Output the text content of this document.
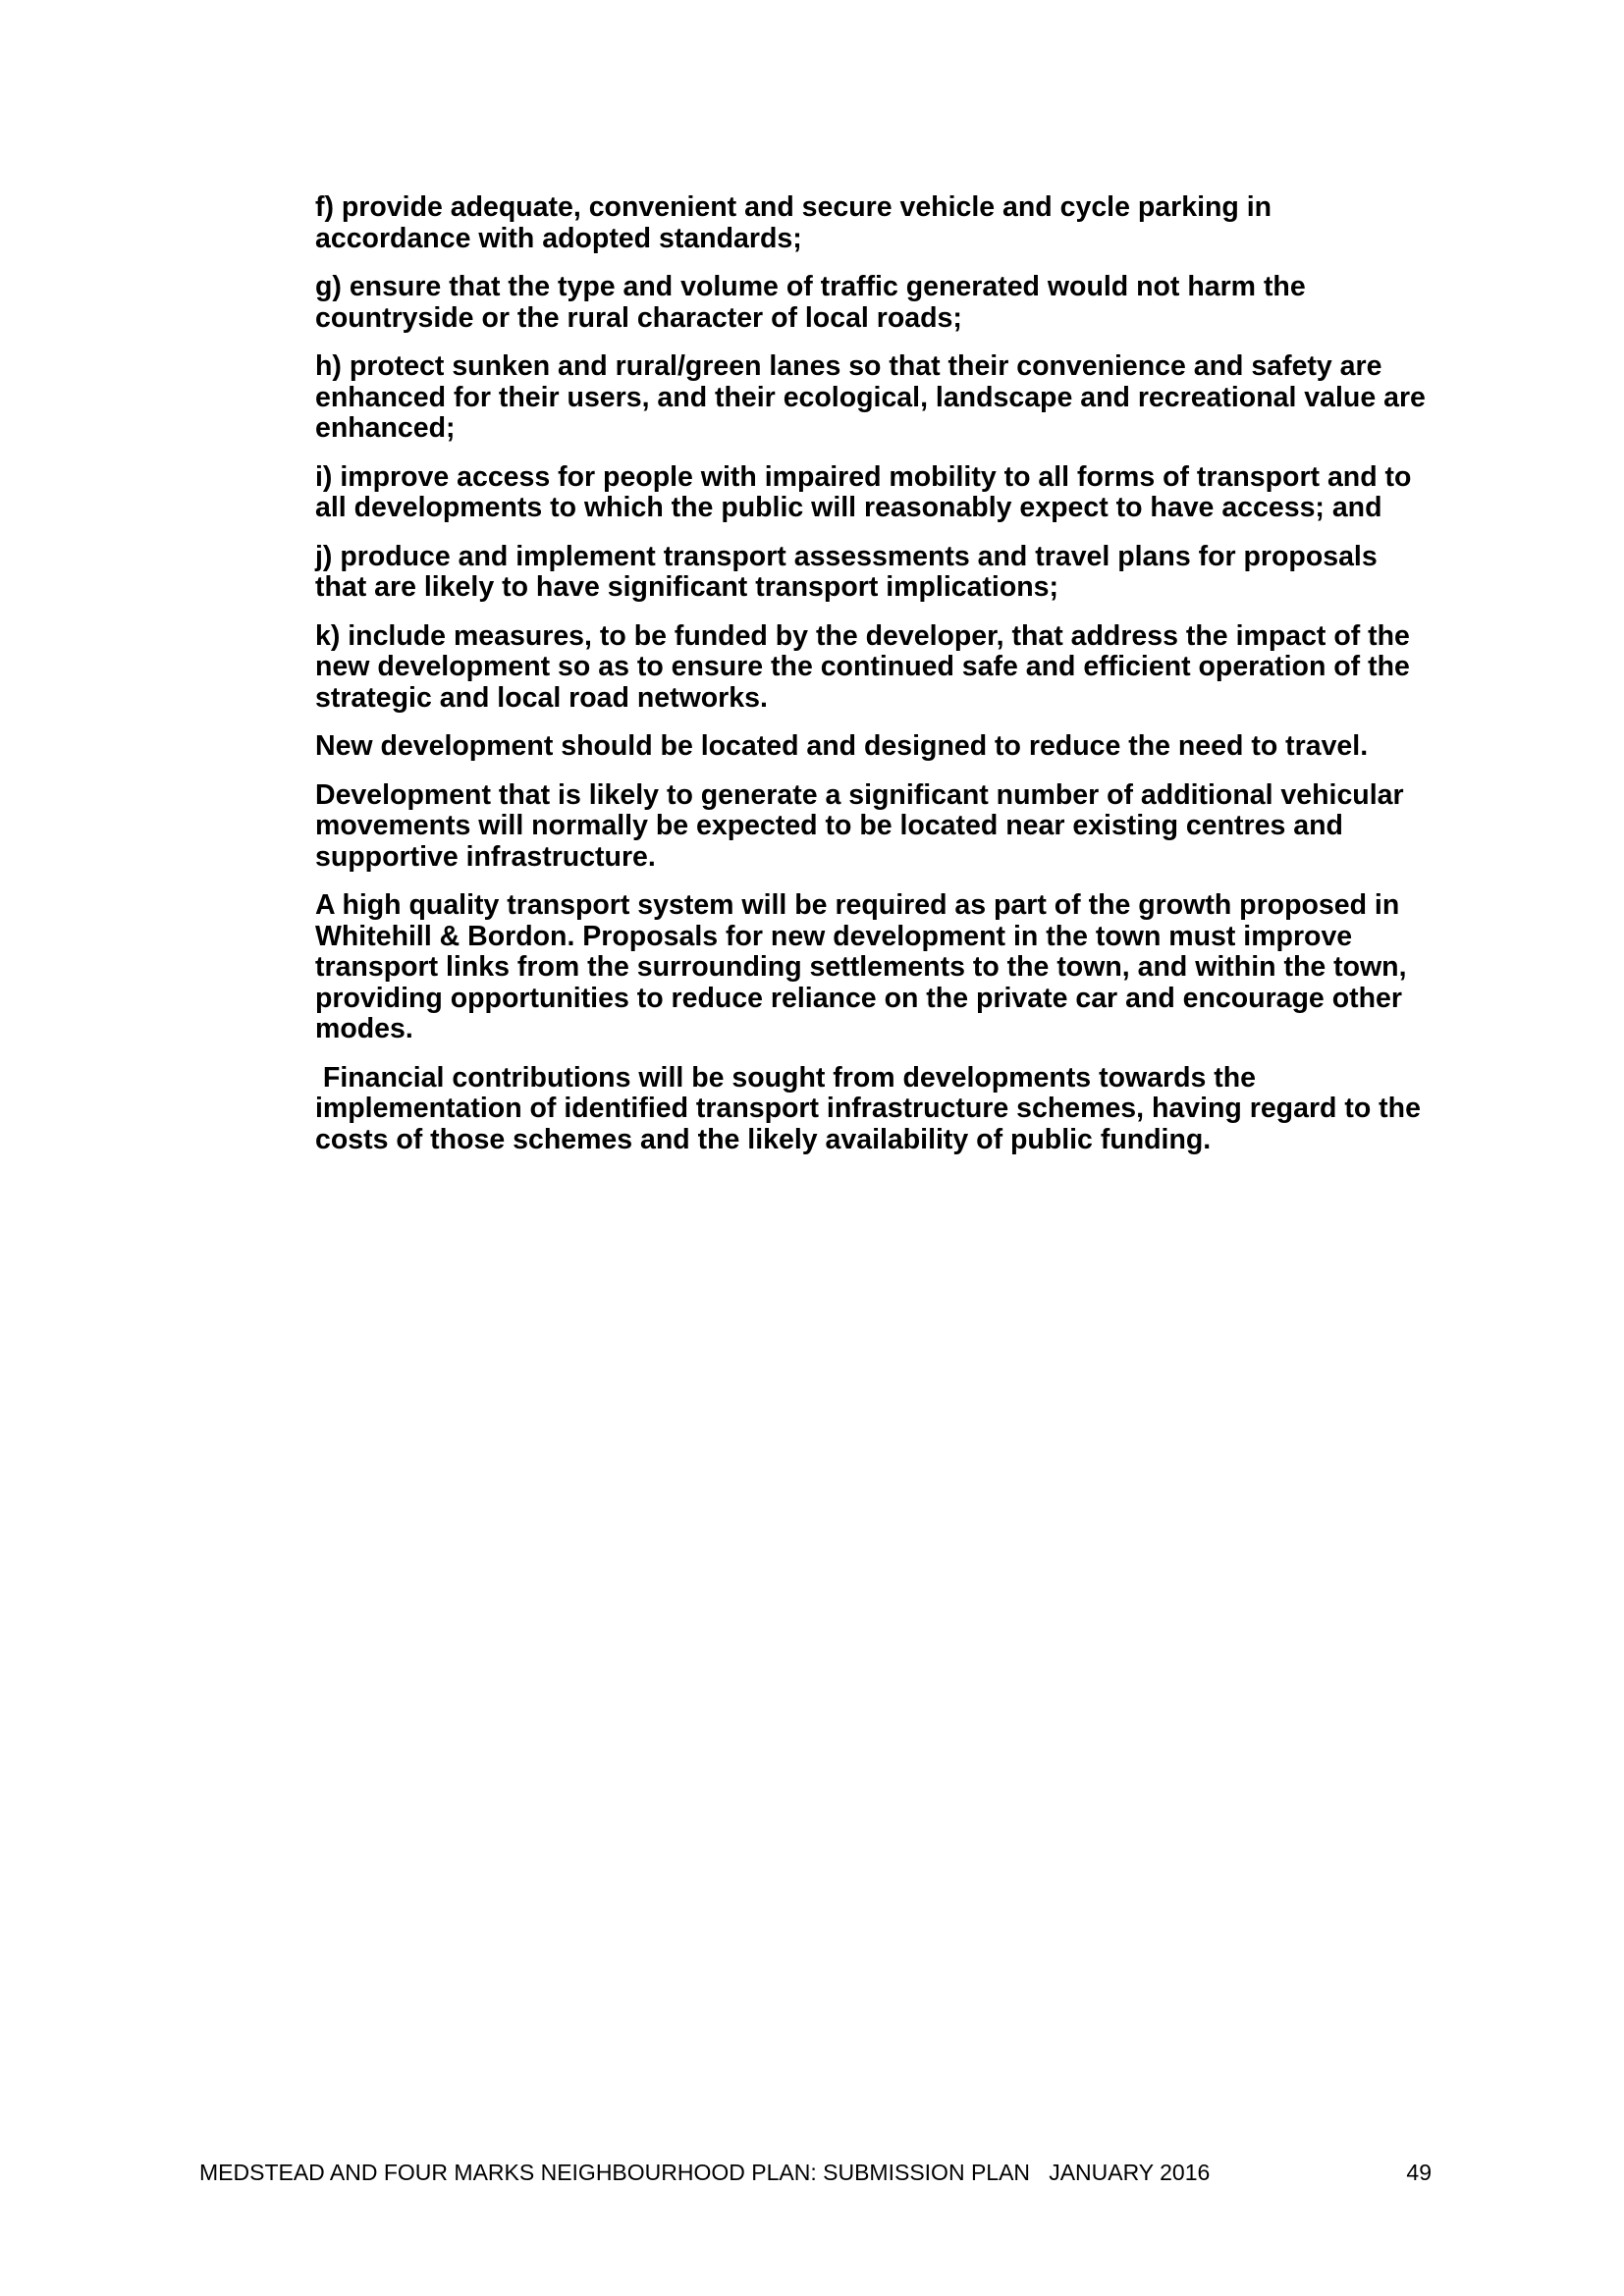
f) provide adequate, convenient and secure vehicle and cycle parking in accordance with adopted standards;

g) ensure that the type and volume of traffic generated would not harm the countryside or the rural character of local roads;

h) protect sunken and rural/green lanes so that their convenience and safety are enhanced for their users, and their ecological, landscape and recreational value are enhanced;

i) improve access for people with impaired mobility to all forms of transport and to all developments to which the public will reasonably expect to have access; and

j) produce and implement transport assessments and travel plans for proposals that are likely to have significant transport implications;

k) include measures, to be funded by the developer, that address the impact of the new development so as to ensure the continued safe and efficient operation of the strategic and local road networks.

New development should be located and designed to reduce the need to travel.

Development that is likely to generate a significant number of additional vehicular movements will normally be expected to be located near existing centres and supportive infrastructure.

A high quality transport system will be required as part of the growth proposed in Whitehill & Bordon. Proposals for new development in the town must improve transport links from the surrounding settlements to the town, and within the town, providing opportunities to reduce reliance on the private car and encourage other modes.

Financial contributions will be sought from developments towards the implementation of identified transport infrastructure schemes, having regard to the costs of those schemes and the likely availability of public funding.

MEDSTEAD AND FOUR MARKS NEIGHBOURHOOD PLAN: SUBMISSION PLAN   JANUARY 2016	49
